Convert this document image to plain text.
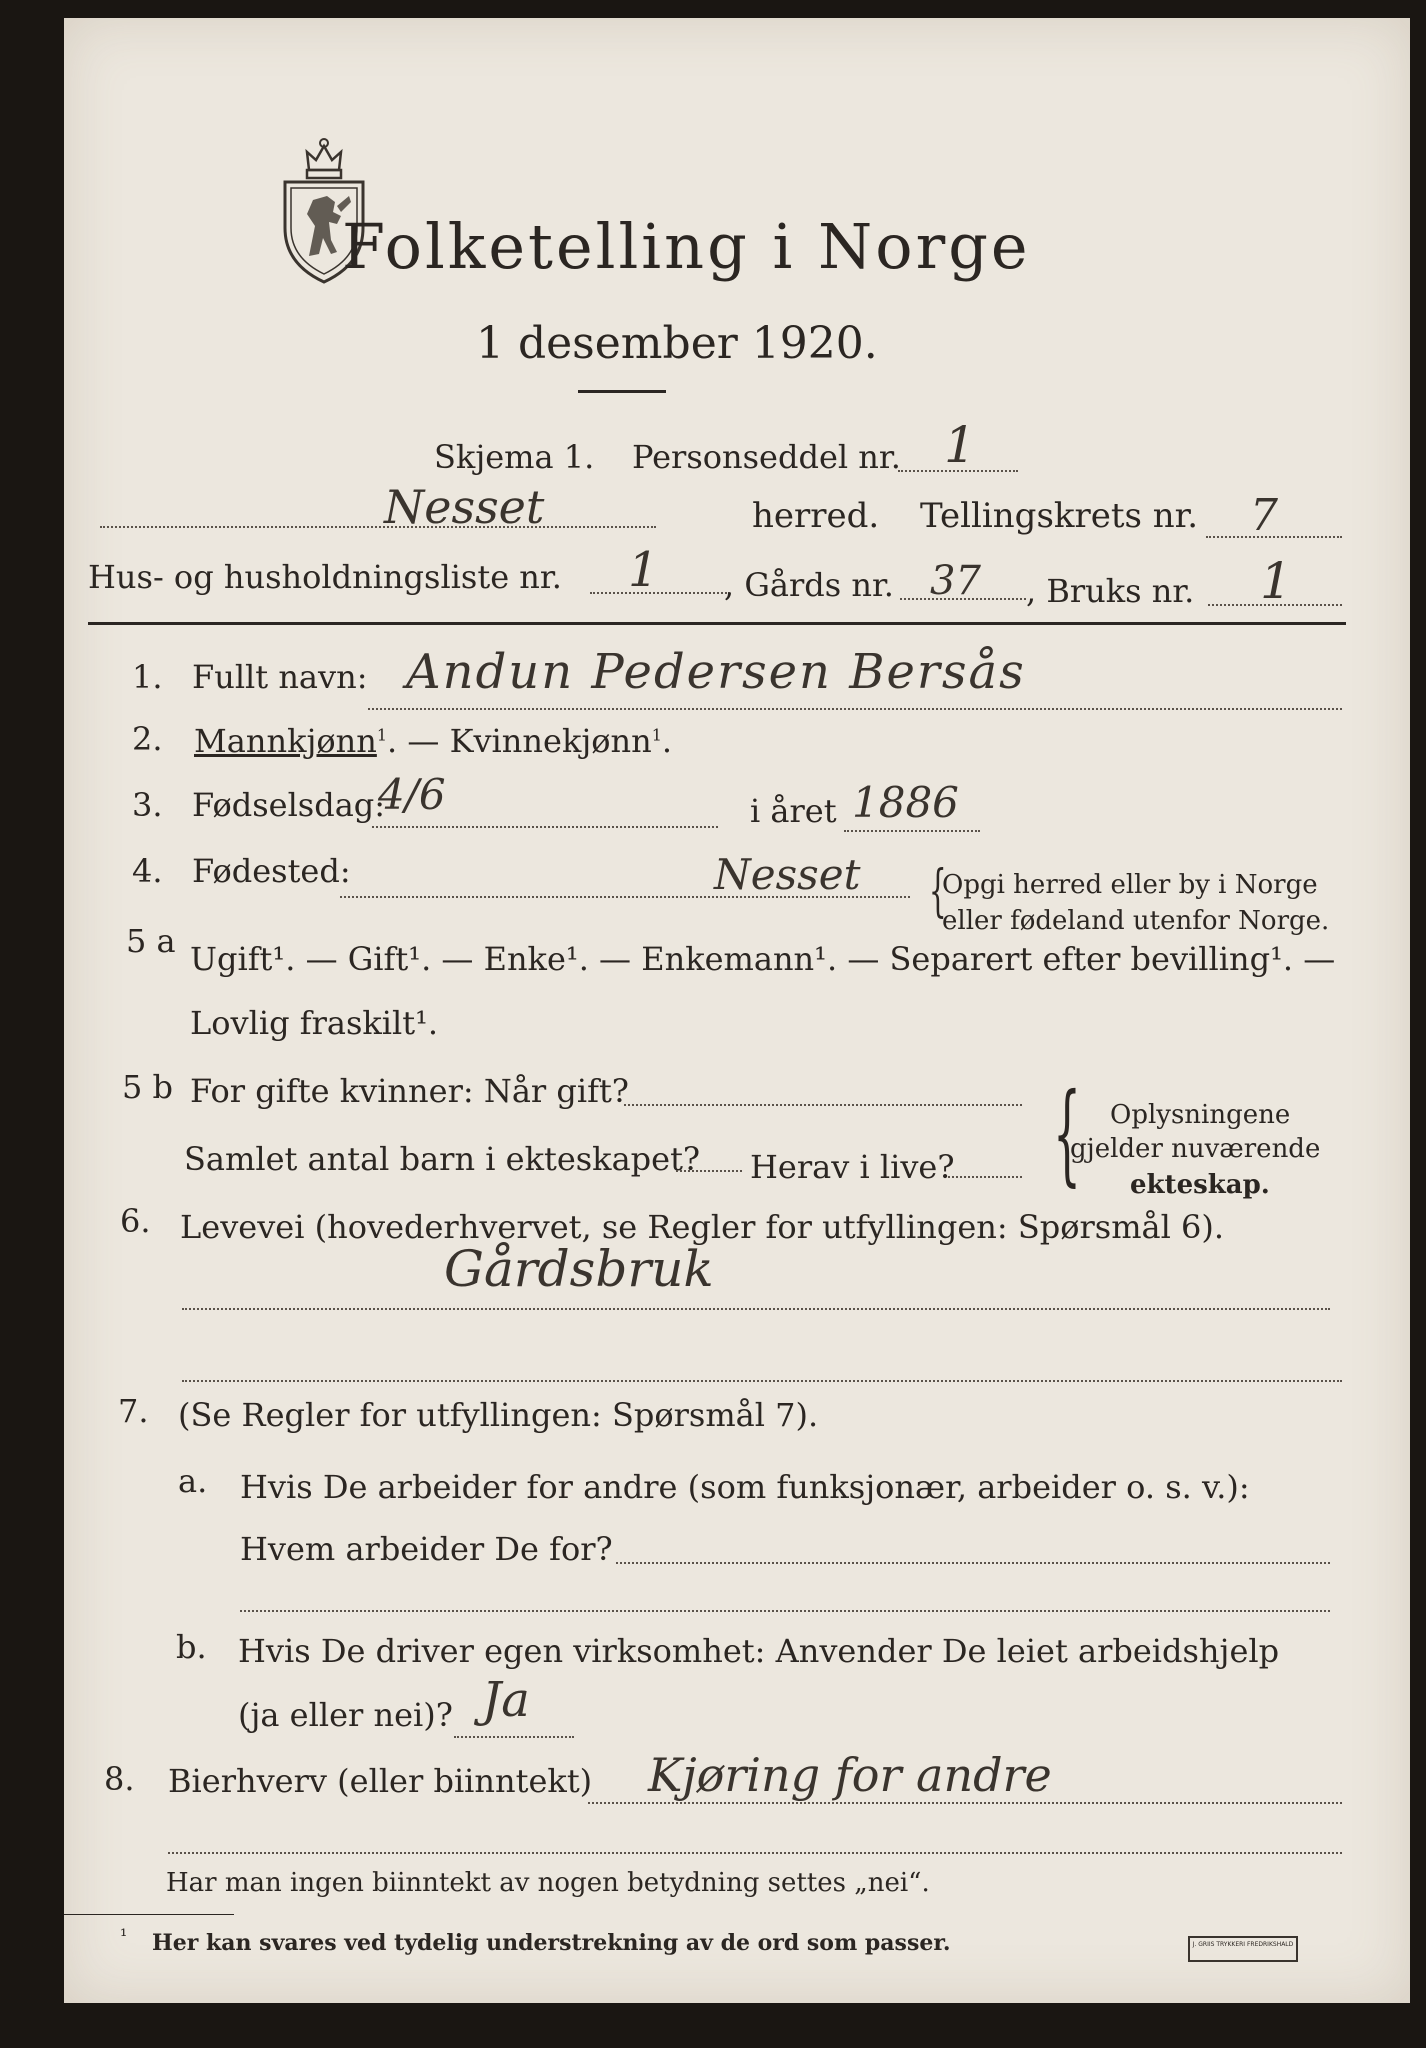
Folketelling i Norge
1 desember 1920.
Skjema 1. Personseddel nr. 1
Nesset	herred. Tellingskrets nr. 7
Hus- og husholdningsliste nr. 1 , Gårds nr. 37 , Bruks nr. 1
1. Fullt navn: Andun Pedersen Bersås
2. Mannkjønn$^1$. — Kvinnekjønn$^1$.
3. Fødselsdag:
4/6	i året 1886
4. Fødested:	Nesset {
Opgi herred eller by i Norge
eller fødeland utenfor Norge.
5 a Ugift¹. — Gift¹. — Enke¹. — Enkemann¹. — Separert efter bevilling¹. —
Lovlig fraskilt¹.
5 b For gifte kvinner: Når gift?
Samlet antal barn i ekteskapet? Herav i live? { Oplysningene
gjelder nuværende
ekteskap.
6. Levevei (hovederhvervet, se Regler for utfyllingen: Spørsmål 6).
Gårdsbruk
7. (Se Regler for utfyllingen: Spørsmål 7).
a. Hvis De arbeider for andre (som funksjonær, arbeider o. s. v.):
Hvem arbeider De for?
b. Hvis De driver egen virksomhet: Anvender De leiet arbeidshjelp
(ja eller nei)? Ja
8. Bierhverv (eller biinntekt) Kjøring for andre
Har man ingen biinntekt av nogen betydning settes „nei“.
¹ Her kan svares ved tydelig understrekning av de ord som passer.	J. GRIIS TRYKKERI FREDRIKSHALD
